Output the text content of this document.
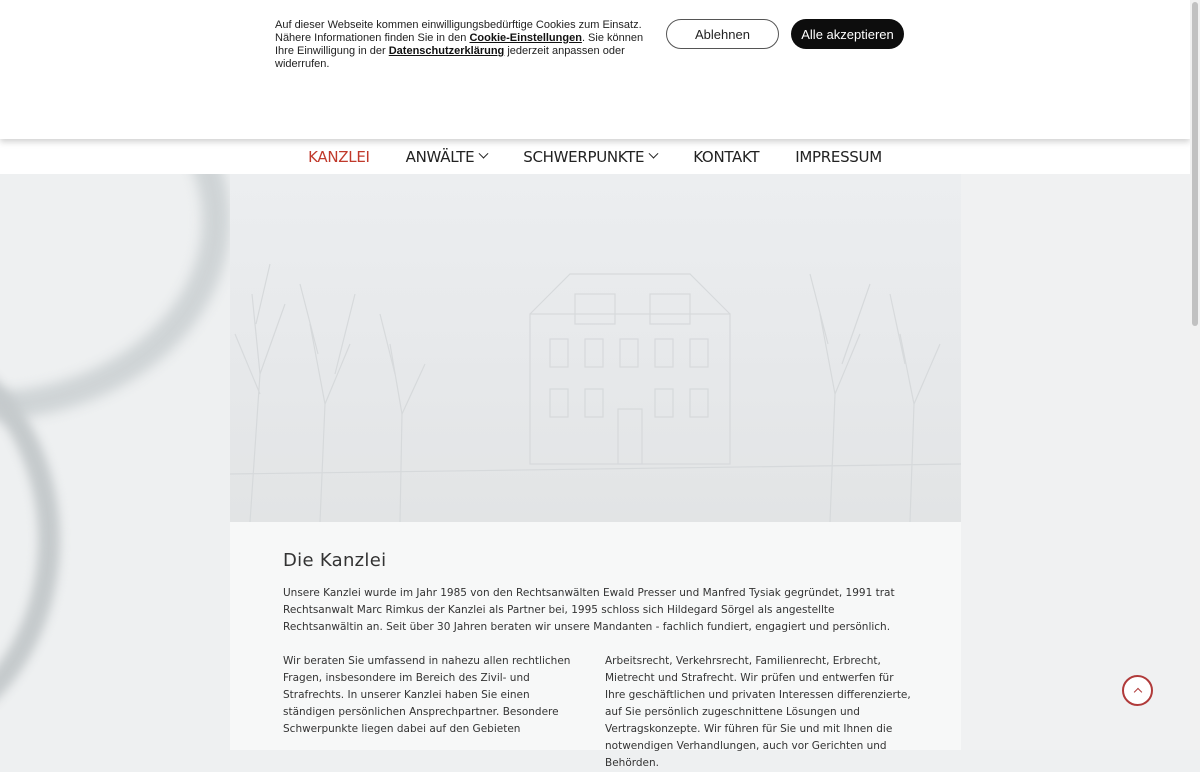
Auf dieser Webseite kommen einwilligungsbedürftige Cookies zum Einsatz. Nähere Informationen finden Sie in den Cookie-Einstellungen. Sie können Ihre Einwilligung in der Datenschutzerklärung jederzeit anpassen oder widerrufen.
Ablehnen	Alle akzeptieren
KANZLEI ANWÄLTE	SCHWERPUNKTE	KONTAKT IMPRESSUM
Die Kanzlei

Unsere Kanzlei wurde im Jahr 1985 von den Rechtsanwälten Ewald Presser und Manfred Tysiak gegründet, 1991 trat Rechtsanwalt Marc Rimkus der Kanzlei als Partner bei, 1995 schloss sich Hildegard Sörgel als angestellte Rechtsanwältin an. Seit über 30 Jahren beraten wir unsere Mandanten - fachlich fundiert, engagiert und persönlich.

Wir beraten Sie umfassend in nahezu allen rechtlichen Fragen, insbesondere im Bereich des Zivil- und Strafrechts. In unserer Kanzlei haben Sie einen ständigen persönlichen Ansprechpartner. Besondere Schwerpunkte liegen dabei auf den Gebieten

Arbeitsrecht, Verkehrsrecht, Familienrecht, Erbrecht, Mietrecht und Strafrecht. Wir prüfen und entwerfen für Ihre geschäftlichen und privaten Interessen differenzierte, auf Sie persönlich zugeschnittene Lösungen und Vertragskonzepte. Wir führen für Sie und mit Ihnen die notwendigen Verhandlungen, auch vor Gerichten und Behörden.
